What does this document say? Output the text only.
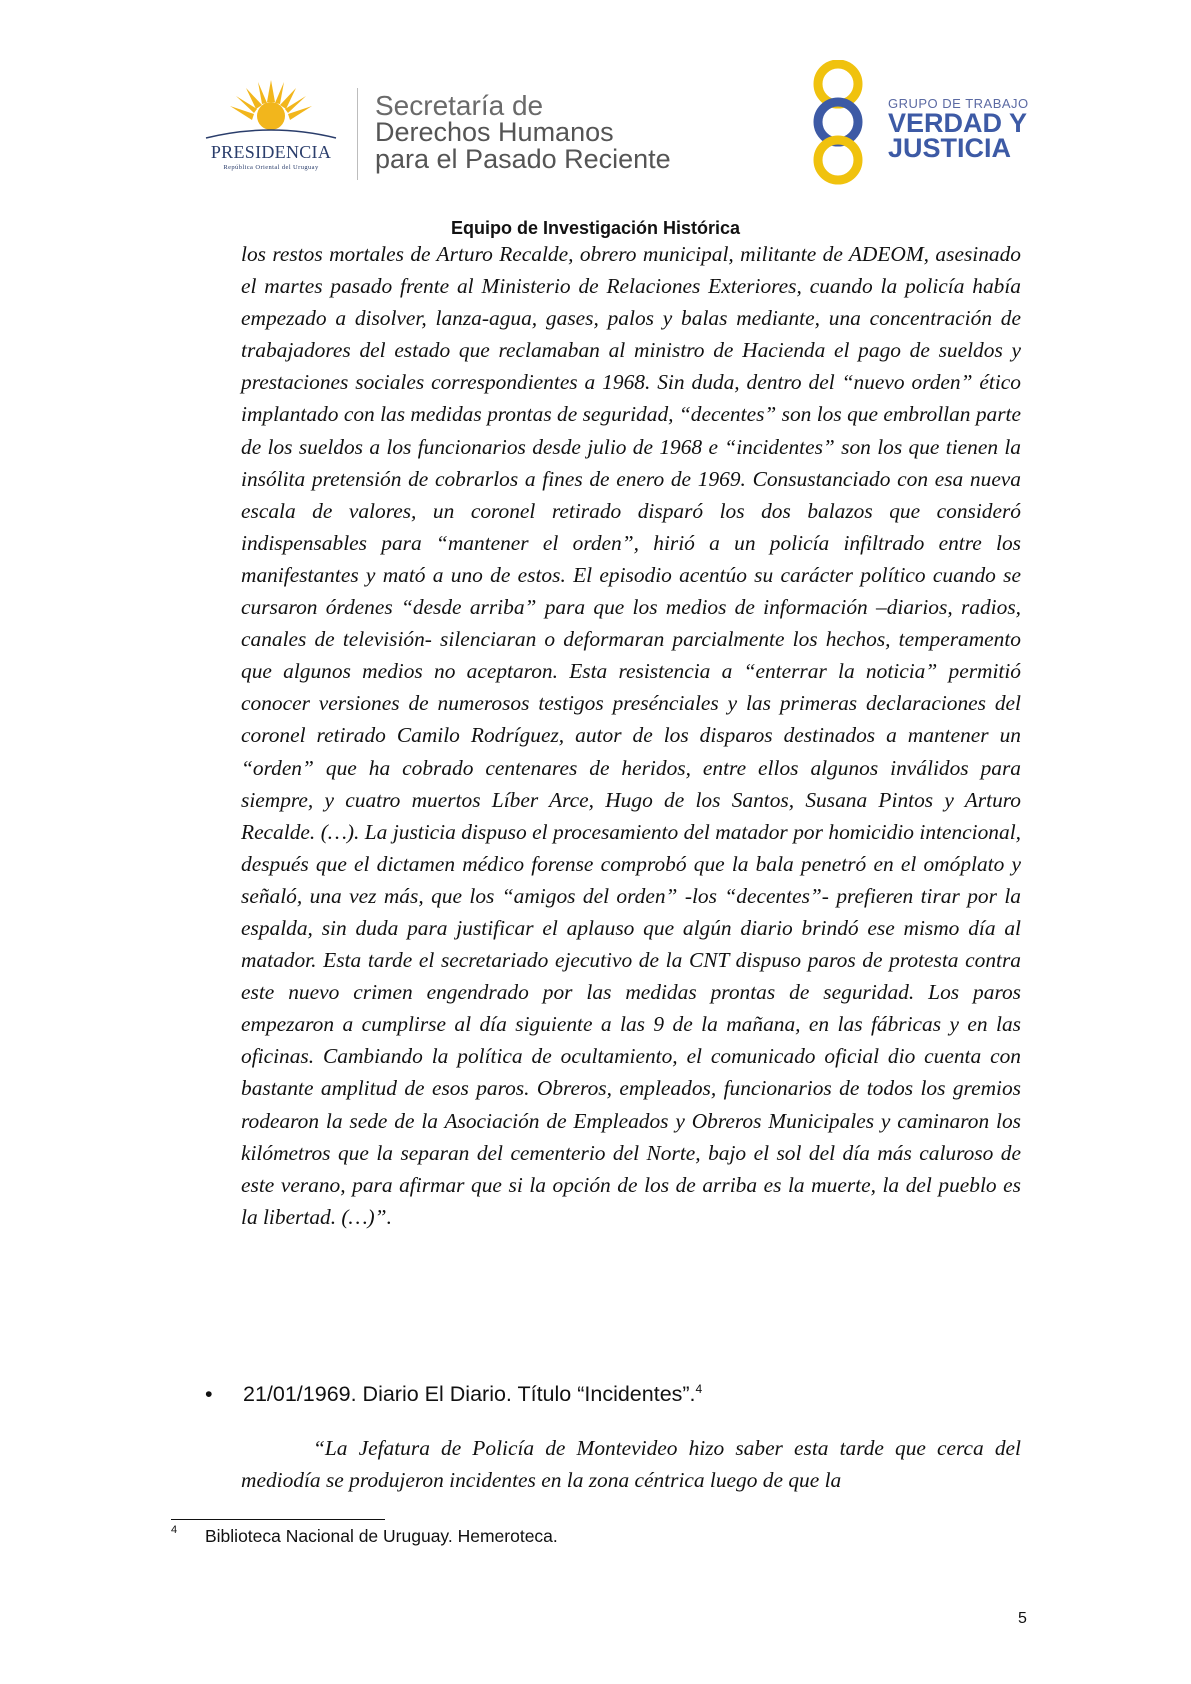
PRESIDENCIA
República Oriental del Uruguay
Secretaría de
Derechos Humanos
para el Pasado Reciente
GRUPO DE TRABAJO
VERDAD Y
JUSTICIA
Equipo de Investigación Histórica

los restos mortales de Arturo Recalde, obrero municipal, militante de ADEOM, asesinado el martes pasado frente al Ministerio de Relaciones Exteriores, cuando la policía había empezado a disolver, lanza-agua, gases, palos y balas mediante, una concentración de trabajadores del estado que reclamaban al ministro de Hacienda el pago de sueldos y prestaciones sociales correspondientes a 1968. Sin duda, dentro del “nuevo orden” ético implantado con las medidas prontas de seguridad, “decentes” son los que embrollan parte de los sueldos a los funcionarios desde julio de 1968 e “incidentes” son los que tienen la insólita pretensión de cobrarlos a fines de enero de 1969. Consustanciado con esa nueva escala de valores, un coronel retirado disparó los dos balazos que consideró indispensables para “mantener el orden”, hirió a un policía infiltrado entre los manifestantes y mató a uno de estos. El episodio acentúo su carácter político cuando se cursaron órdenes “desde arriba” para que los medios de información –diarios, radios, canales de televisión- silenciaran o deformaran parcialmente los hechos, temperamento que algunos medios no aceptaron. Esta resistencia a “enterrar la noticia” permitió conocer versiones de numerosos testigos presénciales y las primeras declaraciones del coronel retirado Camilo Rodríguez, autor de los disparos destinados a mantener un “orden” que ha cobrado centenares de heridos, entre ellos algunos inválidos para siempre, y cuatro muertos Líber Arce, Hugo de los Santos, Susana Pintos y Arturo Recalde. (…). La justicia dispuso el procesamiento del matador por homicidio intencional, después que el dictamen médico forense comprobó que la bala penetró en el omóplato y señaló, una vez más, que los “amigos del orden” -los “decentes”- prefieren tirar por la espalda, sin duda para justificar el aplauso que algún diario brindó ese mismo día al matador. Esta tarde el secretariado ejecutivo de la CNT dispuso paros de protesta contra este nuevo crimen engendrado por las medidas prontas de seguridad. Los paros empezaron a cumplirse al día siguiente a las 9 de la mañana, en las fábricas y en las oficinas. Cambiando la política de ocultamiento, el comunicado oficial dio cuenta con bastante amplitud de esos paros. Obreros, empleados, funcionarios de todos los gremios rodearon la sede de la Asociación de Empleados y Obreros Municipales y caminaron los kilómetros que la separan del cementerio del Norte, bajo el sol del día más caluroso de este verano, para afirmar que si la opción de los de arriba es la muerte, la del pueblo es la libertad. (…)”.

• 21/01/1969. Diario El Diario. Título “Incidentes”.$^4$

“La Jefatura de Policía de Montevideo hizo saber esta tarde que cerca del mediodía se produjeron incidentes en la zona céntrica luego de que la

4 Biblioteca Nacional de Uruguay. Hemeroteca.
5
